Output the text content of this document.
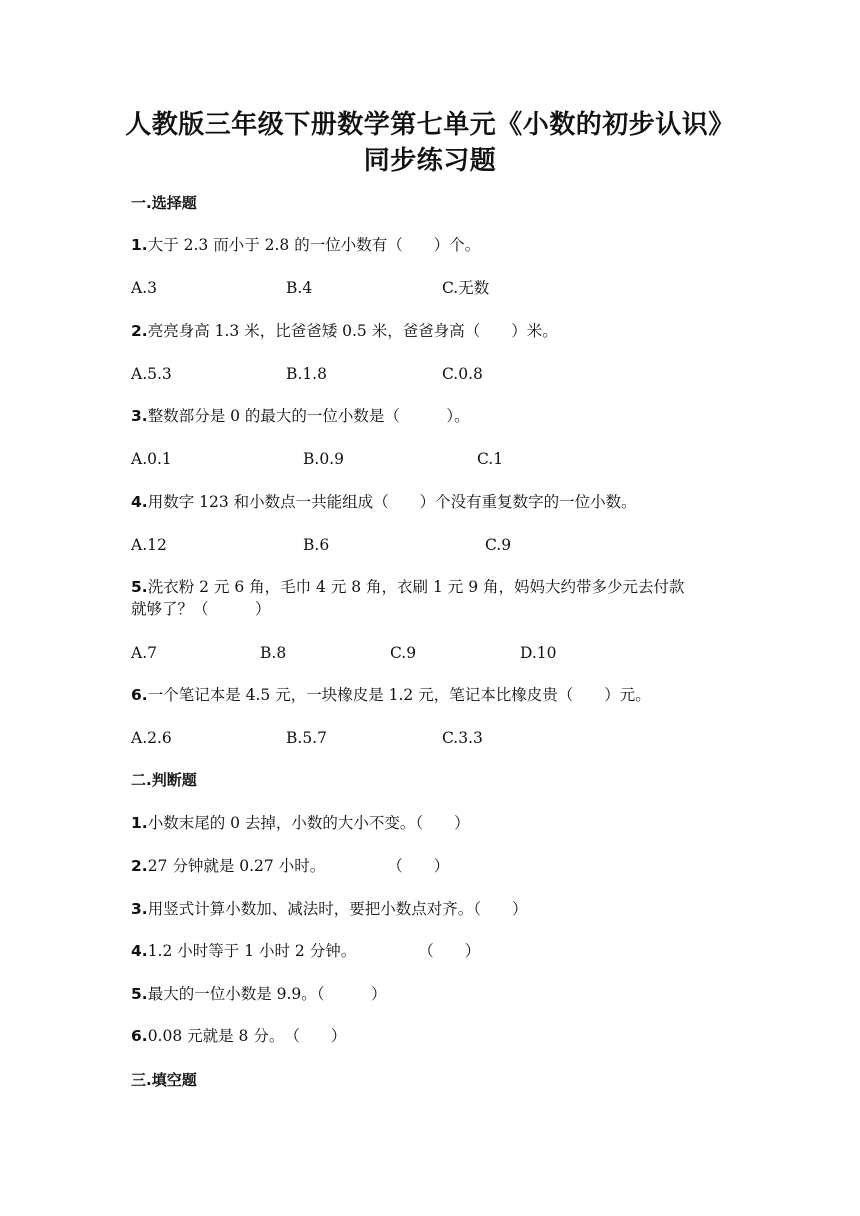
人教版三年级下册数学第七单元《小数的初步认识》
同步练习题
一.选择题
1.大于 2.3 而小于 2.8 的一位小数有（　　）个。
A.3	B.4	C.无数
2.亮亮身高 1.3 米，比爸爸矮 0.5 米，爸爸身高（　　）米。
A.5.3	B.1.8	C.0.8
3.整数部分是 0 的最大的一位小数是（　　　）。
A.0.1	B.0.9	C.1
4.用数字 123 和小数点一共能组成（　　）个没有重复数字的一位小数。
A.12	B.6	C.9
5.洗衣粉 2 元 6 角，毛巾 4 元 8 角，衣刷 1 元 9 角，妈妈大约带多少元去付款
就够了？（　　　）
A.7	B.8	C.9	D.10
6.一个笔记本是 4.5 元，一块橡皮是 1.2 元，笔记本比橡皮贵（　　）元。
A.2.6	B.5.7	C.3.3
二.判断题
1.小数末尾的 0 去掉，小数的大小不变。（　　）
2.27 分钟就是 0.27 小时。　　　　　（　　）
3.用竖式计算小数加、减法时，要把小数点对齐。（　　）
4.1.2 小时等于 1 小时 2 分钟。　　　　　（　　）
5.最大的一位小数是 9.9。（　　　）
6.0.08 元就是 8 分。　（　　）
三.填空题
